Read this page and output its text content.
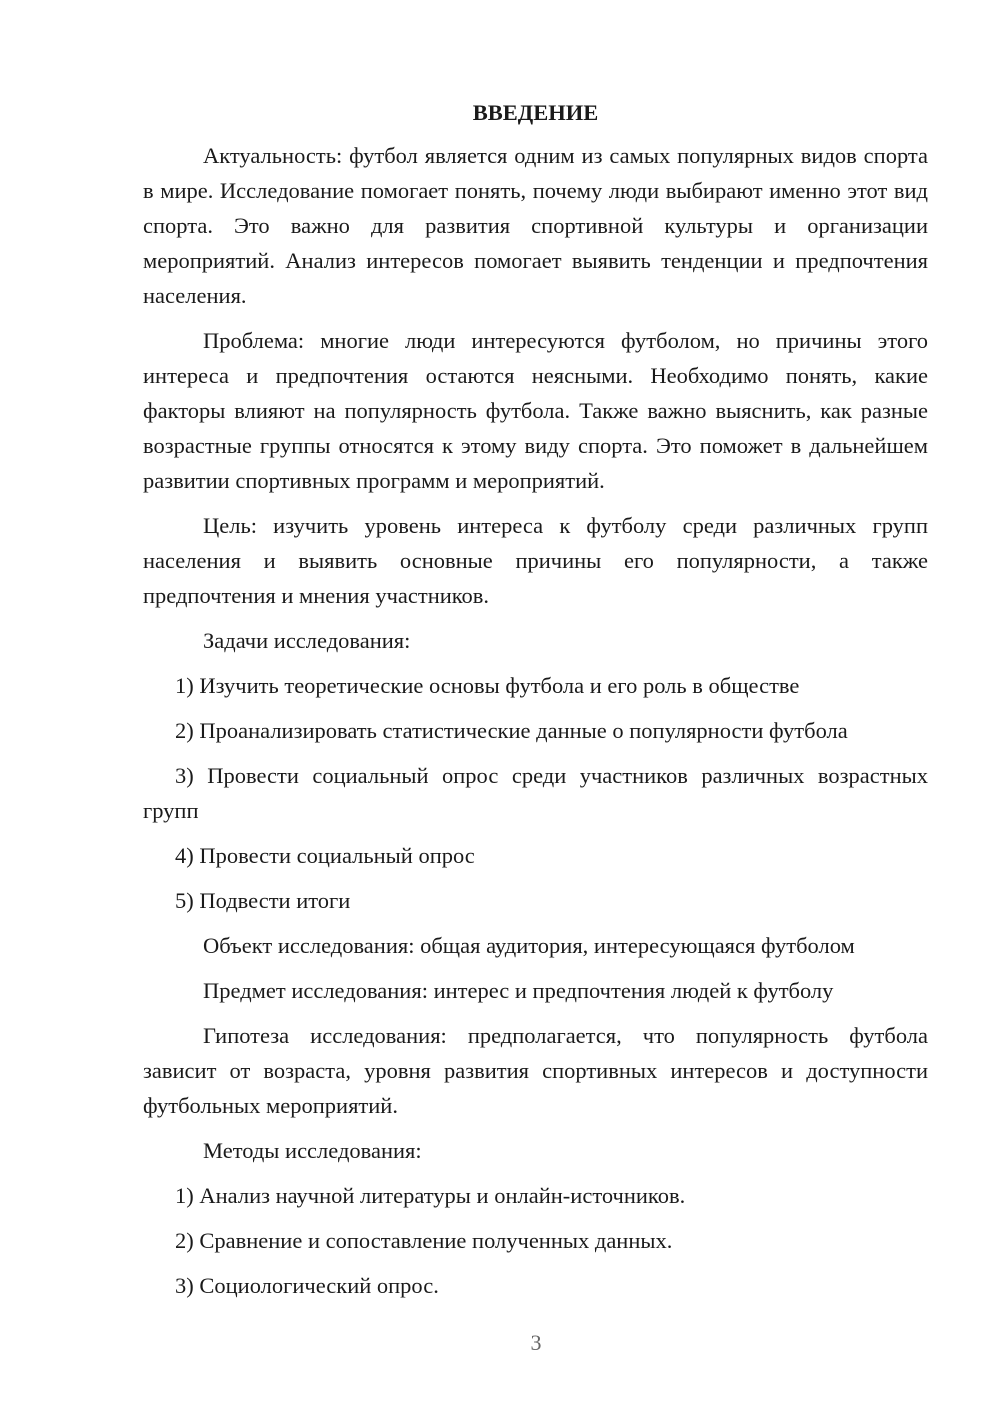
ВВЕДЕНИЕ

Актуальность: футбол является одним из самых популярных видов спорта в мире. Исследование помогает понять, почему люди выбирают именно этот вид спорта. Это важно для развития спортивной культуры и организации мероприятий. Анализ интересов помогает выявить тенденции и предпочтения населения.

Проблема: многие люди интересуются футболом, но причины этого интереса и предпочтения остаются неясными. Необходимо понять, какие факторы влияют на популярность футбола. Также важно выяснить, как разные возрастные группы относятся к этому виду спорта. Это поможет в дальнейшем развитии спортивных программ и мероприятий.

Цель: изучить уровень интереса к футболу среди различных групп населения и выявить основные причины его популярности, а также предпочтения и мнения участников.

Задачи исследования:

1) Изучить теоретические основы футбола и его роль в обществе

2) Проанализировать статистические данные о популярности футбола

3) Провести социальный опрос среди участников различных возрастных групп

4) Провести социальный опрос

5) Подвести итоги

Объект исследования: общая аудитория, интересующаяся футболом

Предмет исследования: интерес и предпочтения людей к футболу

Гипотеза исследования: предполагается, что популярность футбола зависит от возраста, уровня развития спортивных интересов и доступности футбольных мероприятий.

Методы исследования:

1) Анализ научной литературы и онлайн-источников.

2) Сравнение и сопоставление полученных данных.

3) Социологический опрос.

3
